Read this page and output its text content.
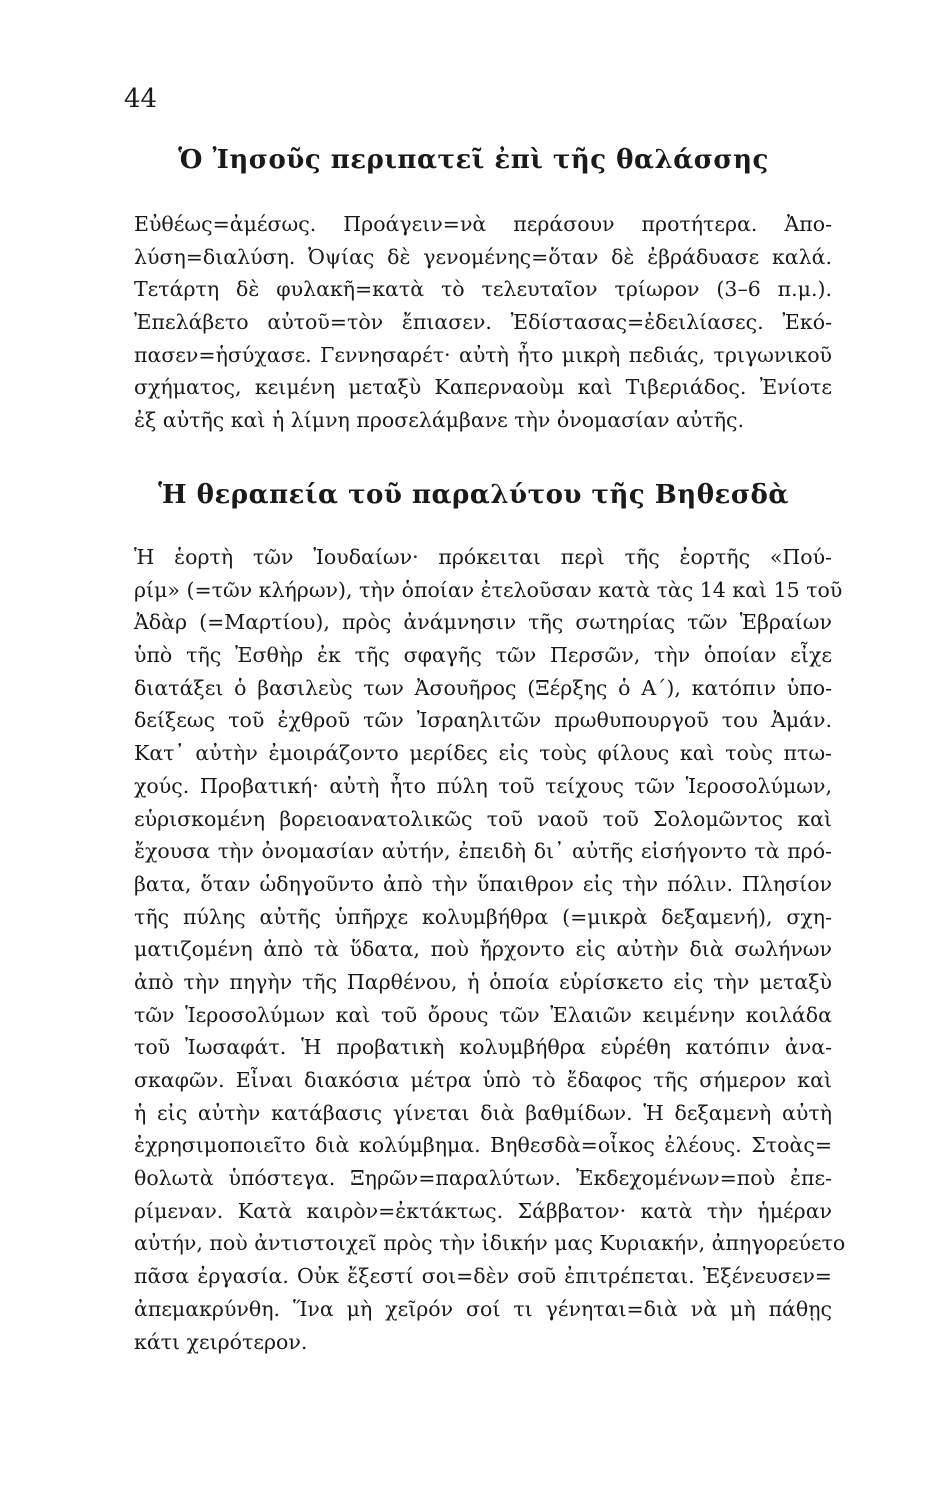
44
Ὁ Ἰησοῦς περιπατεῖ ἐπὶ τῆς θαλάσσης
Εὐθέως=ἀμέσως. Προάγειν=νὰ περάσουν προτήτερα. Ἀπο-
λύση=διαλύση. Ὀψίας δὲ γενομένης=ὅταν δὲ ἐβράδυασε καλά.
Τετάρτη δὲ φυλακῆ=κατὰ τὸ τελευταῖον τρίωρον (3–6 π.μ.).
Ἐπελάβετο αὐτοῦ=τὸν ἔπιασεν. Ἐδίστασας=ἐδειλίασες. Ἐκό-
πασεν=ἡσύχασε. Γεννησαρέτ· αὐτὴ ἦτο μικρὴ πεδιάς, τριγωνικοῦ
σχήματος, κειμένη μεταξὺ Καπερναοὺμ καὶ Τιβεριάδος. Ἐνίοτε
ἐξ αὐτῆς καὶ ἡ λίμνη προσελάμβανε τὴν ὀνομασίαν αὐτῆς.
Ἡ θεραπεία τοῦ παραλύτου τῆς Βηθεσδὰ
Ἡ ἑορτὴ τῶν Ἰουδαίων· πρόκειται περὶ τῆς ἑορτῆς «Πού-
ρίμ» (=τῶν κλήρων), τὴν ὁποίαν ἐτελοῦσαν κατὰ τὰς 14 καὶ 15 τοῦ
Ἀδὰρ (=Μαρτίου), πρὸς ἀνάμνησιν τῆς σωτηρίας τῶν Ἑβραίων
ὑπὸ τῆς Ἐσθὴρ ἐκ τῆς σφαγῆς τῶν Περσῶν, τὴν ὁποίαν εἶχε
διατάξει ὁ βασιλεὺς των Ἀσουῆρος (Ξέρξης ὁ Α΄), κατόπιν ὑπο-
δείξεως τοῦ ἐχθροῦ τῶν Ἰσραηλιτῶν πρωθυπουργοῦ του Ἀμάν.
Κατ᾿ αὐτὴν ἐμοιράζοντο μερίδες εἰς τοὺς φίλους καὶ τοὺς πτω-
χούς. Προβατική· αὐτὴ ἦτο πύλη τοῦ τείχους τῶν Ἱεροσολύμων,
εὑρισκομένη βορειοανατολικῶς τοῦ ναοῦ τοῦ Σολομῶντος καὶ
ἔχουσα τὴν ὀνομασίαν αὐτήν, ἐπειδὴ δι᾿ αὐτῆς εἰσήγοντο τὰ πρό-
βατα, ὅταν ὡδηγοῦντο ἀπὸ τὴν ὕπαιθρον εἰς τὴν πόλιν. Πλησίον
τῆς πύλης αὐτῆς ὑπῆρχε κολυμβήθρα (=μικρὰ δεξαμενή), σχη-
ματιζομένη ἀπὸ τὰ ὕδατα, ποὺ ἤρχοντο εἰς αὐτὴν διὰ σωλήνων
ἀπὸ τὴν πηγὴν τῆς Παρθένου, ἡ ὁποία εὑρίσκετο εἰς τὴν μεταξὺ
τῶν Ἱεροσολύμων καὶ τοῦ ὄρους τῶν Ἐλαιῶν κειμένην κοιλάδα
τοῦ Ἰωσαφάτ. Ἡ προβατικὴ κολυμβήθρα εὑρέθη κατόπιν ἀνα-
σκαφῶν. Εἶναι διακόσια μέτρα ὑπὸ τὸ ἔδαφος τῆς σήμερον καὶ
ἡ εἰς αὐτὴν κατάβασις γίνεται διὰ βαθμίδων. Ἡ δεξαμενὴ αὐτὴ
ἐχρησιμοποιεῖτο διὰ κολύμβημα. Βηθεσδὰ=οἶκος ἐλέους. Στοὰς=
θολωτὰ ὑπόστεγα. Ξηρῶν=παραλύτων. Ἐκδεχομένων=ποὺ ἐπε-
ρίμεναν. Κατὰ καιρὸν=ἐκτάκτως. Σάββατον· κατὰ τὴν ἡμέραν
αὐτήν, ποὺ ἀντιστοιχεῖ πρὸς τὴν ἰδικήν μας Κυριακήν, ἀπηγορεύετο
πᾶσα ἐργασία. Οὐκ ἔξεστί σοι=δὲν σοῦ ἐπιτρέπεται. Ἐξένευσεν=
ἀπεμακρύνθη. Ἵνα μὴ χεῖρόν σοί τι γένηται=διὰ νὰ μὴ πάθῃς
κάτι χειρότερον.
